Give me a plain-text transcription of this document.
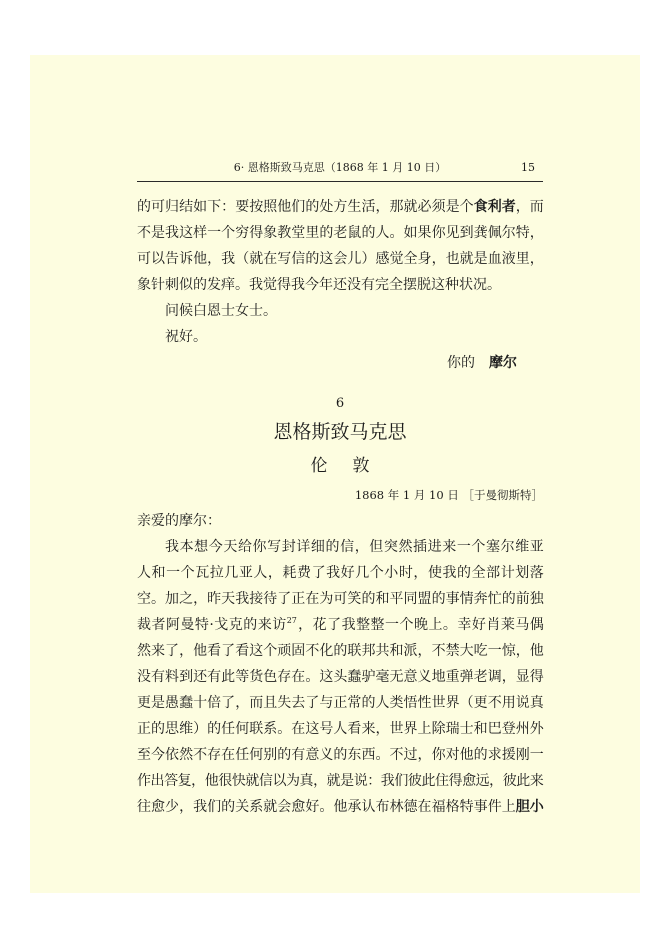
6· 恩格斯致马克思（1868 年 1 月 10 日）	15
的可归结如下：要按照他们的处方生活，那就必须是个食利者，而
不是我这样一个穷得象教堂里的老鼠的人。如果你见到龚佩尔特，
可以告诉他，我（就在写信的这会儿）感觉全身，也就是血液里，
象针刺似的发痒。我觉得我今年还没有完全摆脱这种状况。
问候白恩士女士。
祝好。
你的 摩尔
6
恩格斯致马克思
伦　敦
1868 年 1 月 10 日 ［于曼彻斯特］
亲爱的摩尔：
我本想今天给你写封详细的信，但突然插进来一个塞尔维亚
人和一个瓦拉几亚人，耗费了我好几个小时，使我的全部计划落
空。加之，昨天我接待了正在为可笑的和平同盟的事情奔忙的前独
裁者阿曼特·戈克的来访$^{27}$，花了我整整一个晚上。幸好肖莱马偶
然来了，他看了看这个顽固不化的联邦共和派，不禁大吃一惊，他
没有料到还有此等货色存在。这头蠢驴毫无意义地重弹老调，显得
更是愚蠢十倍了，而且失去了与正常的人类悟性世界（更不用说真
正的思维）的任何联系。在这号人看来，世界上除瑞士和巴登州外
至今依然不存在任何别的有意义的东西。不过，你对他的求援刚一
作出答复，他很快就信以为真，就是说：我们彼此住得愈远，彼此来
往愈少，我们的关系就会愈好。他承认布林德在福格特事件上胆小
